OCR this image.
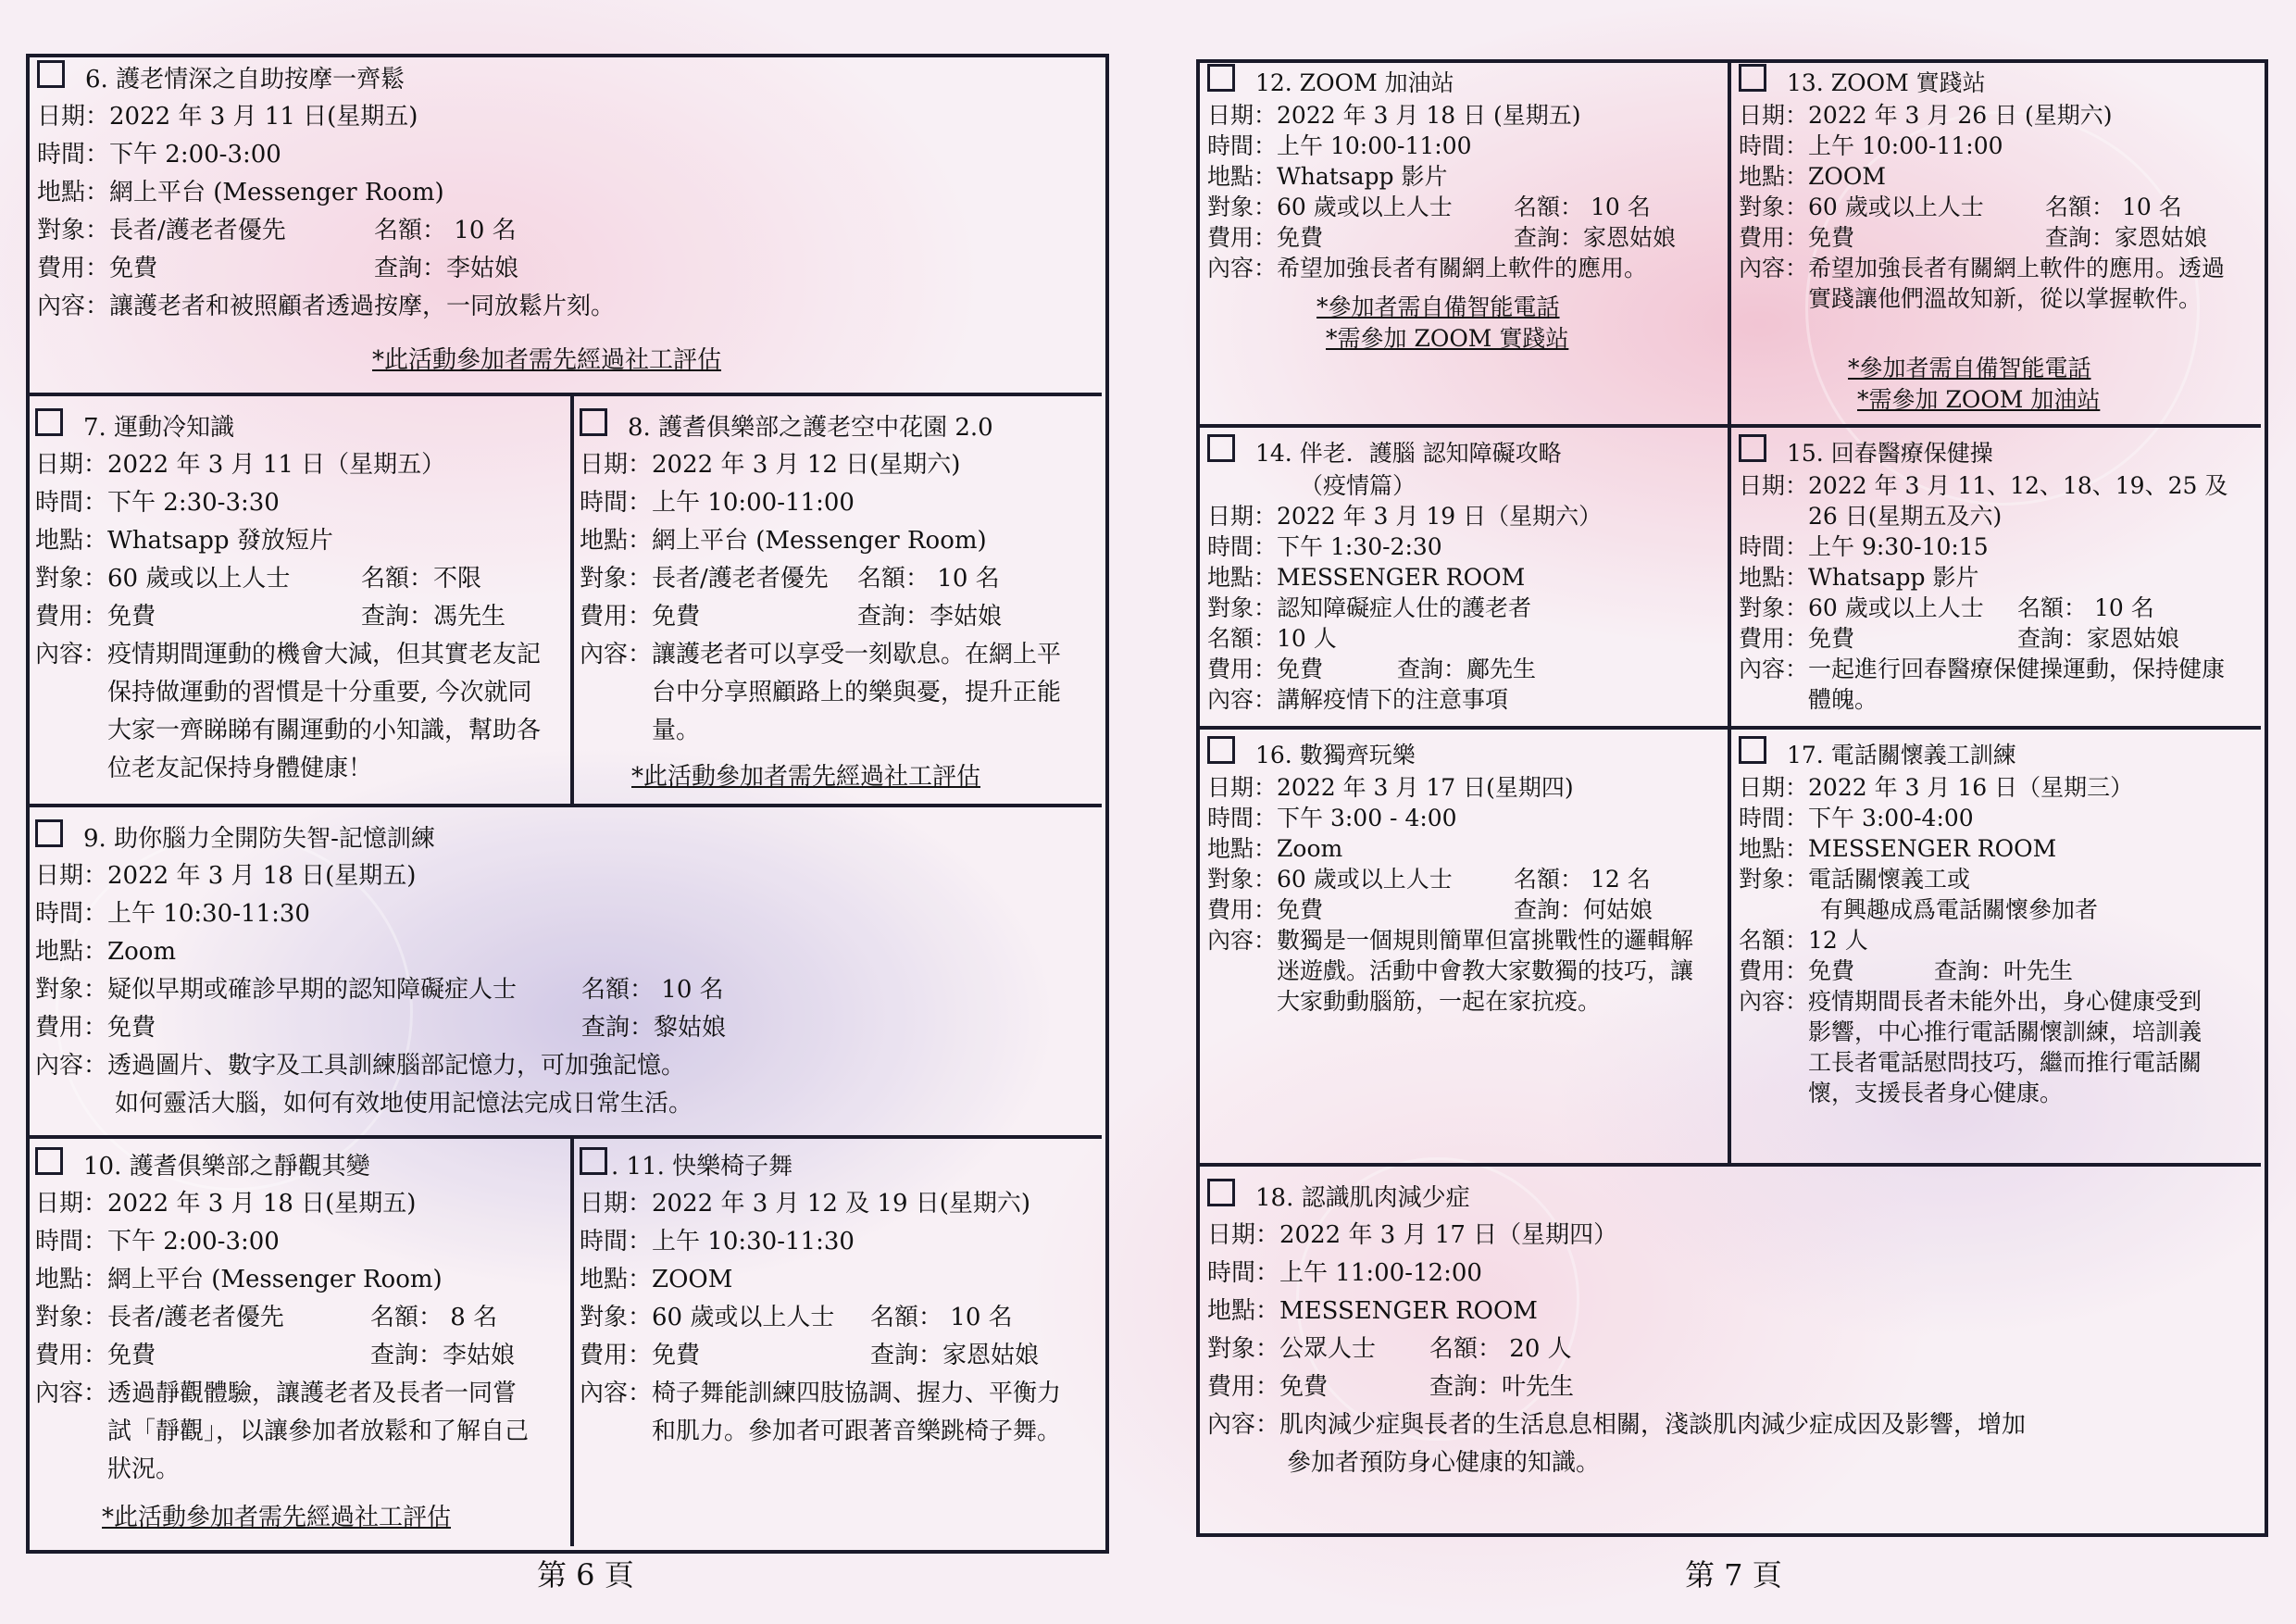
6. 護老情深之自助按摩一齊鬆
日期： 2022 年 3 月 11 日(星期五)
時間： 下午 2:00-3:00
地點： 網上平台 (Messenger Room)
對象： 長者/護老者優先	名額： 10 名
費用： 免費	查詢：李姑娘
內容： 讓護老者和被照顧者透過按摩，一同放鬆片刻。
*此活動參加者需先經過社工評估
7. 運動冷知識
日期： 2022 年 3 月 11 日（星期五）
時間： 下午 2:30-3:30
地點： Whatsapp 發放短片
對象： 60 歲或以上人士	名額：不限
費用： 免費	查詢：馮先生
內容： 疫情期間運動的機會大減，但其實老友記保持做運動的習慣是十分重要, 今次就同大家一齊睇睇有關運動的小知識，幫助各位老友記保持身體健康！
8. 護耆俱樂部之護老空中花園 2.0
日期： 2022 年 3 月 12 日(星期六)
時間： 上午 10:00-11:00
地點： 網上平台 (Messenger Room)
對象： 長者/護老者優先	名額： 10 名
費用： 免費	查詢：李姑娘
內容： 讓護老者可以享受一刻歇息。在網上平台中分享照顧路上的樂與憂，提升正能量。
*此活動參加者需先經過社工評估
9. 助你腦力全開防失智-記憶訓練
日期： 2022 年 3 月 18 日(星期五)
時間： 上午 10:30-11:30
地點： Zoom
對象： 疑似早期或確診早期的認知障礙症人士	名額： 10 名
費用： 免費	查詢：黎姑娘
內容： 透過圖片、數字及工具訓練腦部記憶力，可加強記憶。
如何靈活大腦，如何有效地使用記憶法完成日常生活。
10. 護耆俱樂部之靜觀其變
日期： 2022 年 3 月 18 日(星期五)
時間： 下午 2:00-3:00
地點： 網上平台 (Messenger Room)
對象： 長者/護老者優先	名額： 8 名
費用： 免費	查詢：李姑娘
內容： 透過靜觀體驗，讓護老者及長者一同嘗試「靜觀」，以讓參加者放鬆和了解自己狀況。
*此活動參加者需先經過社工評估
. 11. 快樂椅子舞
日期： 2022 年 3 月 12 及 19 日(星期六)
時間： 上午 10:30-11:30
地點： ZOOM
對象： 60 歲或以上人士	名額： 10 名
費用： 免費	查詢：家恩姑娘
內容： 椅子舞能訓練四肢協調、握力、平衡力和肌力。參加者可跟著音樂跳椅子舞。
第 6 頁
12. ZOOM 加油站
日期： 2022 年 3 月 18 日 (星期五)
時間： 上午 10:00-11:00
地點： Whatsapp 影片
對象： 60 歲或以上人士	名額： 10 名
費用： 免費	查詢：家恩姑娘
內容： 希望加強長者有關網上軟件的應用。
*參加者需自備智能電話
*需參加 ZOOM 實踐站
13. ZOOM 實踐站
日期： 2022 年 3 月 26 日 (星期六)
時間： 上午 10:00-11:00
地點： ZOOM
對象： 60 歲或以上人士	名額： 10 名
費用： 免費	查詢：家恩姑娘
內容： 希望加強長者有關網上軟件的應用。透過實踐讓他們溫故知新，從以掌握軟件。
*參加者需自備智能電話
*需參加 ZOOM 加油站
14. 伴老．護腦 認知障礙攻略
（疫情篇）
日期： 2022 年 3 月 19 日（星期六）
時間： 下午 1:30-2:30
地點： MESSENGER ROOM
對象： 認知障礙症人仕的護老者
名額： 10 人
費用： 免費	查詢：鄺先生
內容： 講解疫情下的注意事項
15. 回春醫療保健操
日期： 2022 年 3 月 11、12、18、19、25 及 26 日(星期五及六)
時間： 上午 9:30-10:15
地點： Whatsapp 影片
對象： 60 歲或以上人士	名額： 10 名
費用： 免費	查詢：家恩姑娘
內容： 一起進行回春醫療保健操運動，保持健康體魄。
16. 數獨齊玩樂
日期： 2022 年 3 月 17 日(星期四)
時間： 下午 3:00 - 4:00
地點： Zoom
對象： 60 歲或以上人士	名額： 12 名
費用： 免費	查詢：何姑娘
內容： 數獨是一個規則簡單但富挑戰性的邏輯解迷遊戲。活動中會教大家數獨的技巧，讓大家動動腦筋，一起在家抗疫。
17. 電話關懷義工訓練
日期： 2022 年 3 月 16 日（星期三）
時間： 下午 3:00-4:00
地點： MESSENGER ROOM
對象： 電話關懷義工或
有興趣成爲電話關懷參加者
名額： 12 人
費用： 免費	查詢：叶先生
內容： 疫情期間長者未能外出，身心健康受到影響，中心推行電話關懷訓練，培訓義工長者電話慰問技巧，繼而推行電話關懷，支援長者身心健康。
18. 認識肌肉減少症
日期： 2022 年 3 月 17 日（星期四）
時間： 上午 11:00-12:00
地點： MESSENGER ROOM
對象： 公眾人士	名額： 20 人
費用： 免費	查詢：叶先生
內容： 肌肉減少症與長者的生活息息相關，淺談肌肉減少症成因及影響，增加
參加者預防身心健康的知識。
第 7 頁
